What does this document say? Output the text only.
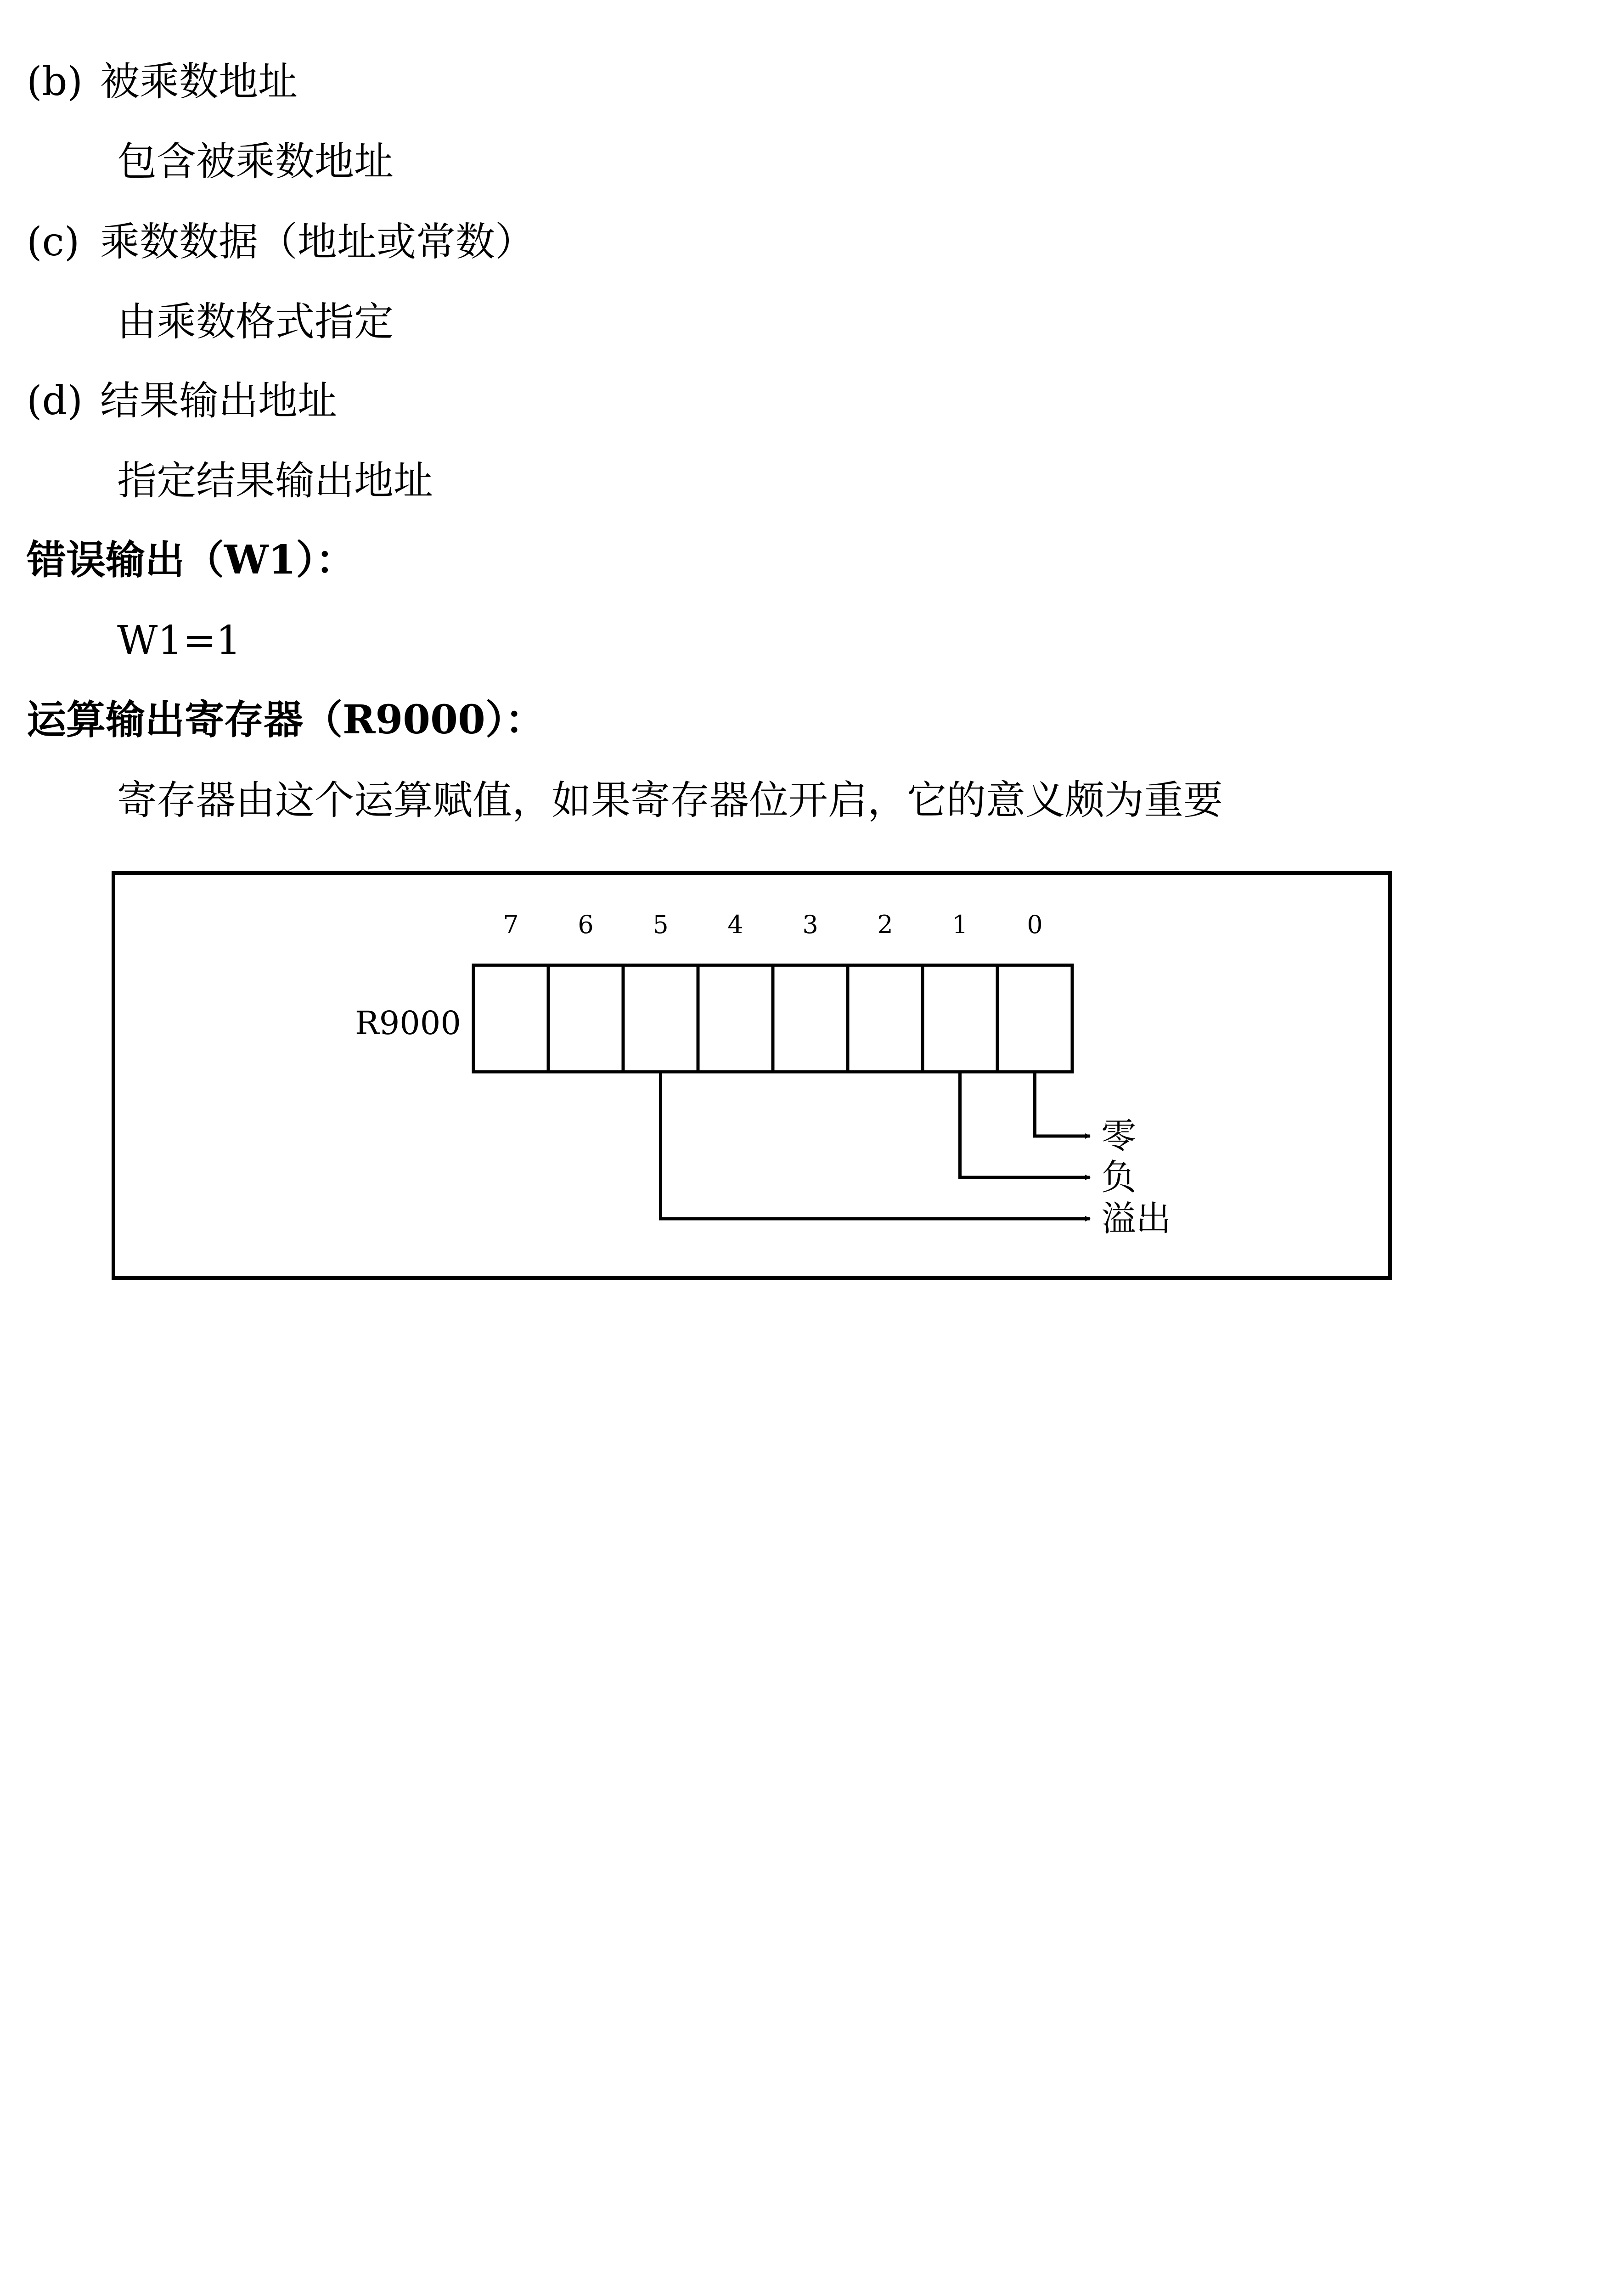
(b) 被乘数地址

包含被乘数地址

(c) 乘数数据（地址或常数）

由乘数格式指定

(d) 结果输出地址

指定结果输出地址

错误输出（W1）：

W1=1

运算输出寄存器（R9000）：

寄存器由这个运算赋值，如果寄存器位开启，它的意义颇为重要

7 6 5 4 3 2 1 0
R9000
零
负
溢出
